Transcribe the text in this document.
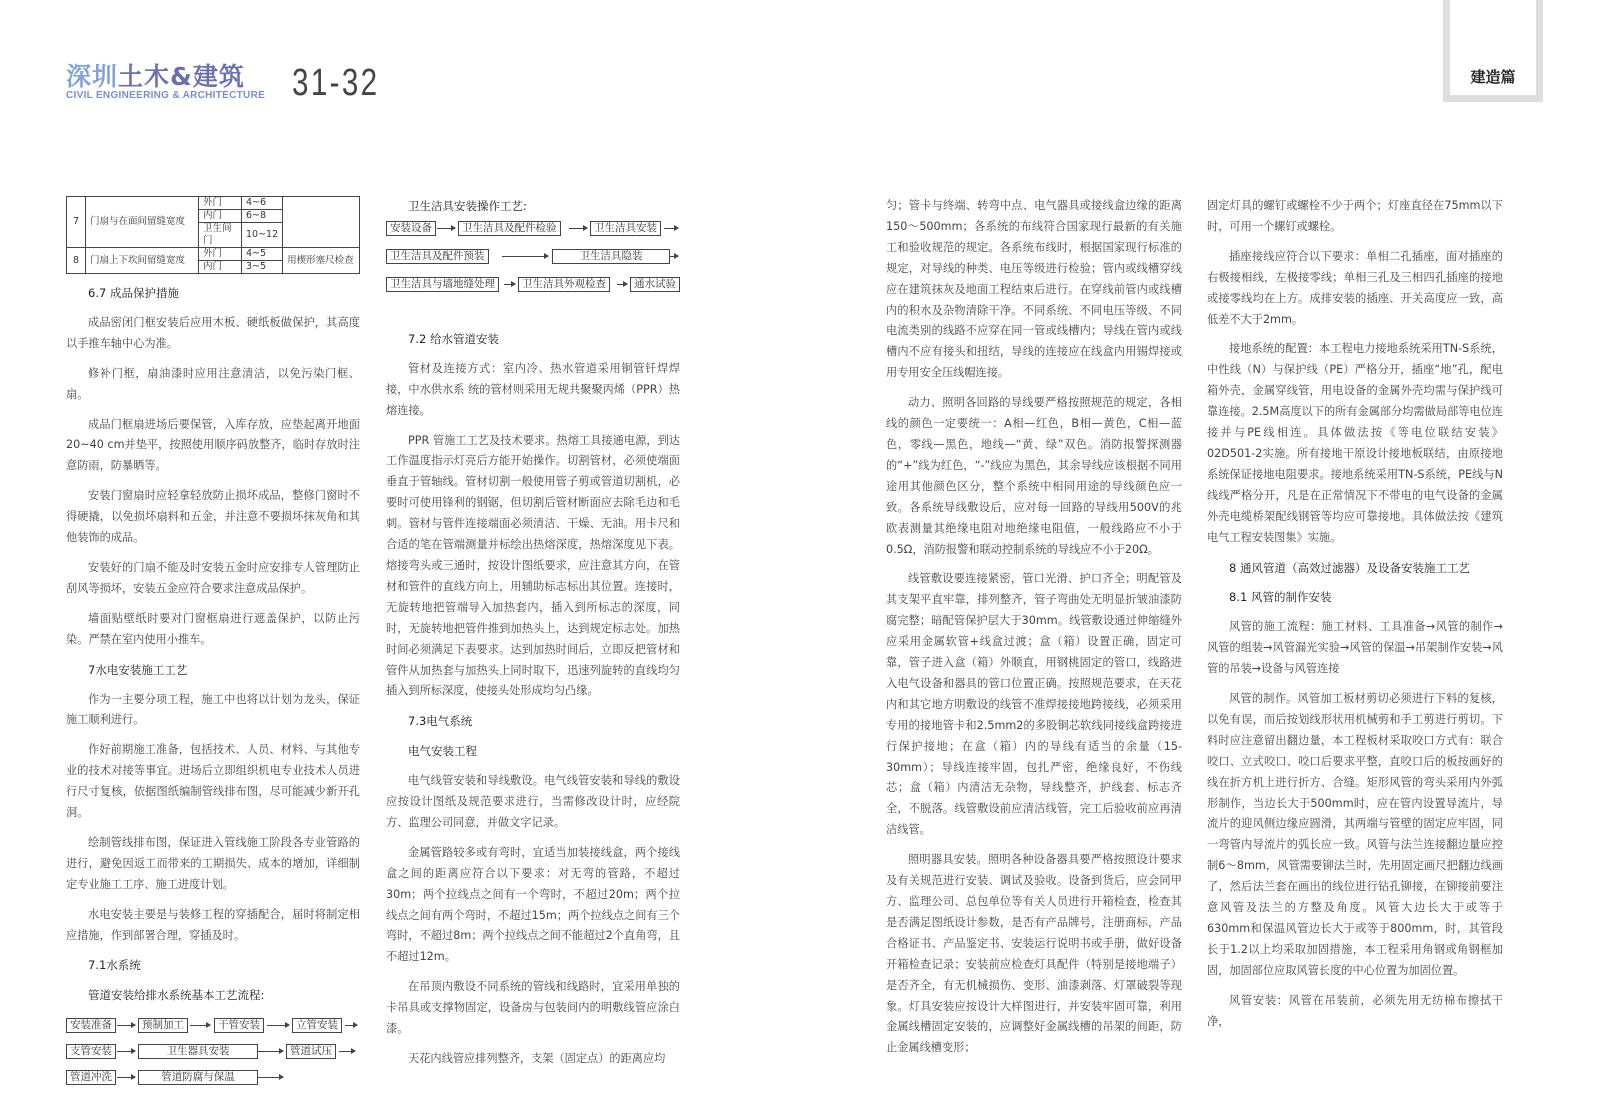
深圳土木&建筑
CIVIL ENGINEERING & ARCHITECTURE 31-32	建造篇
7	门扇与在面间留缝宽度	外门	4~6	
		内门	6~8	
		卫生间门	10~12	
8	门扇上下坎间留缝宽度	外门	4~5	用楔形塞尺检查
		内门	3~5	
6.7 成品保护措施

成品密闭门框安装后应用木板、硬纸板做保护，其高度以手推车轴中心为准。

修补门框，扇油漆时应用注意清洁，以免污染门框、扇。

成品门框扇进场后要保管，入库存放，应垫起离开地面20~40 cm并垫平，按照使用顺序码放整齐，临时存放时注意防雨，防暴晒等。

安装门窗扇时应轻拿轻放防止损坏成品，整修门窗时不得硬撬，以免损坏扇料和五金，并注意不要损坏抹灰角和其他装饰的成品。

安装好的门扇不能及时安装五金时应安排专人管理防止刮风等损坏，安装五金应符合要求注意成品保护。

墙面贴壁纸时要对门窗框扇进行遮盖保护，以防止污染。严禁在室内使用小推车。

7水电安装施工工艺

作为一主要分项工程，施工中也将以计划为龙头，保证施工顺利进行。

作好前期施工准备，包括技术、人员、材料、与其他专业的技术对接等事宜。进场后立即组织机电专业技术人员进行尺寸复核，依据图纸编制管线排布图，尽可能减少新开孔洞。

绘制管线排布图，保证进入管线施工阶段各专业管路的进行，避免因返工而带来的工期损失、成本的增加，详细制定专业施工工序、施工进度计划。

水电安装主要是与装修工程的穿插配合，届时将制定相应措施，作到部署合理，穿插及时。

7.1水系统
管道安装给排水系统基本工艺流程:
安装准备	预制加工	干管安装	立管安装
支管安装	卫生器具安装	管道试压
管道冲洗	管道防腐与保温
卫生洁具安装操作工艺:
安装设备	卫生洁具及配件检验	卫生洁具安装
卫生洁具及配件预装	卫生洁具隐装
卫生洁具与墙地缝处理	卫生洁具外观检查	通水试验
7.2 给水管道安装

管材及连接方式：室内冷、热水管道采用铜管钎焊焊接，中水供水系 统的管材则采用无规共聚聚丙烯（PPR）热熔连接。

PPR 管施工工艺及技术要求。热熔工具接通电源，到达工作温度指示灯亮后方能开始操作。切割管材，必须使端面垂直于管轴线。管材切割一般使用管子剪或管道切割机，必要时可使用锋利的钢锯，但切割后管材断面应去除毛边和毛刺。管材与管件连接端面必须清洁、干燥、无油。用卡尺和合适的笔在管端测量并标绘出热熔深度，热熔深度见下表。熔接弯头或三通时，按设计图纸要求，应注意其方向，在管材和管件的直线方向上，用辅助标志标出其位置。连接时，无旋转地把管端导入加热套内，插入到所标志的深度，同时，无旋转地把管件推到加热头上，达到规定标志处。加热时间必须满足下表要求。达到加热时间后，立即反把管材和管件从加热套与加热头上同时取下，迅速列旋转的直线均匀插入到所标深度，使接头处形成均匀凸缘。

7.3电气系统
电气安装工程

电气线管安装和导线敷设。电气线管安装和导线的敷设应按设计图纸及规范要求进行，当需修改设计时，应经院方、监理公司同意，并做文字记录。

金属管路较多或有弯时，宜适当加装接线盒，两个接线盒之间的距离应符合以下要求：对无弯的管路，不超过30m；两个拉线点之间有一个弯时，不超过20m；两个拉线点之间有两个弯时，不超过15m；两个拉线点之间有三个弯时，不超过8m；两个拉线点之间不能超过2个直角弯，且不超过12m。

在吊顶内敷设不同系统的管线和线路时，宜采用单独的卡吊具或支撑物固定，设备房与包装间内的明敷线管应涂白漆。

天花内线管应排列整齐，支架（固定点）的距离应均

匀；管卡与终端、转弯中点、电气器具或接线盒边缘的距离150～500mm；各系统的布线符合国家现行最新的有关施工和验收规范的规定。各系统布线时，根据国家现行标准的规定，对导线的种类、电压等级进行检验；管内或线槽穿线应在建筑抹灰及地面工程结束后进行。在穿线前管内或线槽内的积水及杂物清除干净。不同系统、不同电压等级、不同电流类别的线路不应穿在同一管或线槽内；导线在管内或线槽内不应有接头和扭结，导线的连接应在线盒内用锡焊接或用专用安全压线帽连接。

动力、照明各回路的导线要严格按照规范的规定，各相线的颜色一定要统一：A相—红色，B相—黄色，C相—蓝色，零线—黑色，地线—“黄、绿”双色。消防报警探测器的“+”线为红色，“-”线应为黑色，其余导线应该根据不同用途用其他颜色区分，整个系统中相同用途的导线颜色应一致。各系统导线敷设后，应对每一回路的导线用500V的兆欧表测量其绝缘电阻对地绝缘电阻值，一般线路应不小于0.5Ω，消防报警和联动控制系统的导线应不小于20Ω。

线管敷设要连接紧密，管口光滑、护口齐全；明配管及其支架平直牢靠，排列整齐，管子弯曲处无明显折皱油漆防腐完整；暗配管保护层大于30mm。线管敷设通过伸缩缝外应采用金属软管+线盒过渡；盒（箱）设置正确，固定可靠，管子进入盒（箱）外顺直，用钢桃固定的管口，线路进入电气设备和器具的管口位置正确。按照规范要求，在天花内和其它地方明敷设的线管不准焊接接地跨接线，必须采用专用的接地管卡和2.5mm2的多股铜芯软线同接线盒跨接进行保护接地；在盒（箱）内的导线有适当的余量（15-30mm）；导线连接牢固，包扎严密，绝缘良好，不伤线芯；盒（箱）内清洁无杂物，导线整齐，护线套、标志齐全，不脱落。线管敷设前应清洁线管，完工后验收前应再清洁线管。

照明器具安装。照明各种设备器具要严格按照设计要求及有关规范进行安装、调试及验收。设备到货后，应会同甲方、监理公司、总包单位等有关人员进行开箱检查，检查其是否满足图纸设计参数，是否有产品牌号，注册商标，产品合格证书、产品鉴定书、安装运行说明书或手册，做好设备开箱检查记录；安装前应检查灯具配件（特别是接地端子）是否齐全，有无机械损伤、变形、油漆剥落、灯罩破裂等现象。灯具安装应按设计大样图进行，并安装牢固可靠，利用金属线槽固定安装的，应调整好金属线槽的吊架的间距，防止金属线槽变形；

固定灯具的螺钉或螺栓不少于两个；灯座直径在75mm以下时，可用一个螺钉或螺栓。

插座接线应符合以下要求：单相二孔插座，面对插座的右极接相线，左极接零线；单相三孔及三相四孔插座的接地或接零线均在上方。成排安装的插座、开关高度应一致，高低差不大于2mm。

接地系统的配置：本工程电力接地系统采用TN-S系统，中性线（N）与保护线（PE）严格分开，插座“地”孔，配电箱外壳，金属穿线管，用电设备的金属外壳均需与保护线可靠连接。2.5M高度以下的所有金属部分均需做局部等电位连接并与PE线相连。具体做法按《等电位联结安装》02D501-2实施。所有接地干原设计接地板联结，由原接地系统保证接地电阻要求。接地系统采用TN-S系统，PE线与N线线严格分开，凡是在正常情况下不带电的电气设备的金属外壳电缆桥架配线钢管等均应可靠接地。具体做法按《建筑电气工程安装图集》实施。

8 通风管道（高效过滤器）及设备安装施工工艺
8.1 风管的制作安装

风管的施工流程：施工材料、工具准备→风管的制作→风管的组装→风管漏光实验→风管的保温→吊架制作安装→风管的吊装→设备与风管连接

风管的制作。风管加工板材剪切必须进行下料的复核，以免有误，而后按划线形状用机械剪和手工剪进行剪切。下料时应注意留出翻边量，本工程板材采取咬口方式有：联合咬口、立式咬口、咬口后要求平整，直咬口后的板按画好的线在折方机上进行折方、合缝。矩形风管的弯头采用内外弧形制作，当边长大于500mm时，应在管内设置导流片，导流片的迎风侧边缘应圆滑，其两端与管壁的固定应牢固，同一弯管内导流片的弧长应一致。风管与法兰连接翻边量应控制6～8mm，风管需要铆法兰时，先用固定画尺把翻边线画了，然后法兰套在画出的线位进行钻孔铆接，在铆接前要注意风管及法兰的方整及角度。风管大边长大于或等于630mm和保温风管边长大于或等于800mm，时，其管段长于1.2以上均采取加固措施，本工程采用角钢或角钢框加固，加固部位应取风管长度的中心位置为加固位置。

风管安装：风管在吊装前，必须先用无纺棉布擦拭干净，
